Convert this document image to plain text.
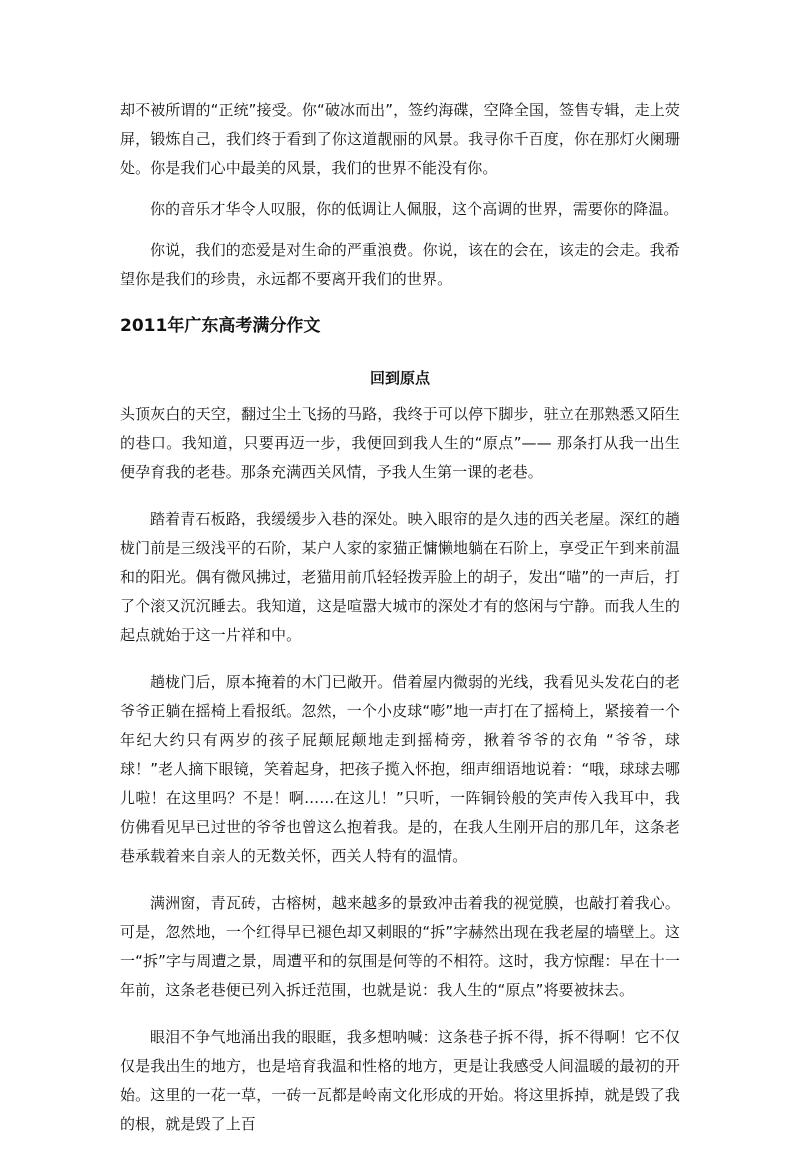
却不被所谓的“正统”接受。你“破冰而出”，签约海碟，空降全国，签售专辑，走上荧屏，锻炼自己，我们终于看到了你这道靓丽的风景。我寻你千百度，你在那灯火阑珊处。你是我们心中最美的风景，我们的世界不能没有你。

你的音乐才华令人叹服，你的低调让人佩服，这个高调的世界，需要你的降温。

你说，我们的恋爱是对生命的严重浪费。你说，该在的会在，该走的会走。我希望你是我们的珍贵，永远都不要离开我们的世界。

2011年广东高考满分作文
回到原点

头顶灰白的天空，翻过尘土飞扬的马路，我终于可以停下脚步，驻立在那熟悉又陌生的巷口。我知道，只要再迈一步，我便回到我人生的“原点”—— 那条打从我一出生便孕育我的老巷。那条充满西关风情，予我人生第一课的老巷。

踏着青石板路，我缓缓步入巷的深处。映入眼帘的是久违的西关老屋。深红的趟栊门前是三级浅平的石阶，某户人家的家猫正慵懒地躺在石阶上，享受正午到来前温和的阳光。偶有微风拂过，老猫用前爪轻轻拨弄脸上的胡子，发出“喵”的一声后，打了个滚又沉沉睡去。我知道，这是喧嚣大城市的深处才有的悠闲与宁静。而我人生的起点就始于这一片祥和中。

趟栊门后，原本掩着的木门已敞开。借着屋内微弱的光线，我看见头发花白的老爷爷正躺在摇椅上看报纸。忽然，一个小皮球“嘭”地一声打在了摇椅上，紧接着一个年纪大约只有两岁的孩子屁颠屁颠地走到摇椅旁，揪着爷爷的衣角 “爷爷，球球！”老人摘下眼镜，笑着起身，把孩子揽入怀抱，细声细语地说着：“哦，球球去哪儿啦！在这里吗？不是！啊……在这儿！”只听，一阵铜铃般的笑声传入我耳中，我仿佛看见早已过世的爷爷也曾这么抱着我。是的，在我人生刚开启的那几年，这条老巷承载着来自亲人的无数关怀，西关人特有的温情。

满洲窗，青瓦砖，古榕树，越来越多的景致冲击着我的视觉膜，也敲打着我心。可是，忽然地，一个红得早已褪色却又刺眼的“拆”字赫然出现在我老屋的墙壁上。这一“拆”字与周遭之景，周遭平和的氛围是何等的不相符。这时，我方惊醒：早在十一年前，这条老巷便已列入拆迁范围，也就是说：我人生的“原点”将要被抹去。

眼泪不争气地涌出我的眼眶，我多想呐喊：这条巷子拆不得，拆不得啊！它不仅仅是我出生的地方，也是培育我温和性格的地方，更是让我感受人间温暖的最初的开始。这里的一花一草，一砖一瓦都是岭南文化形成的开始。将这里拆掉，就是毁了我的根，就是毁了上百
